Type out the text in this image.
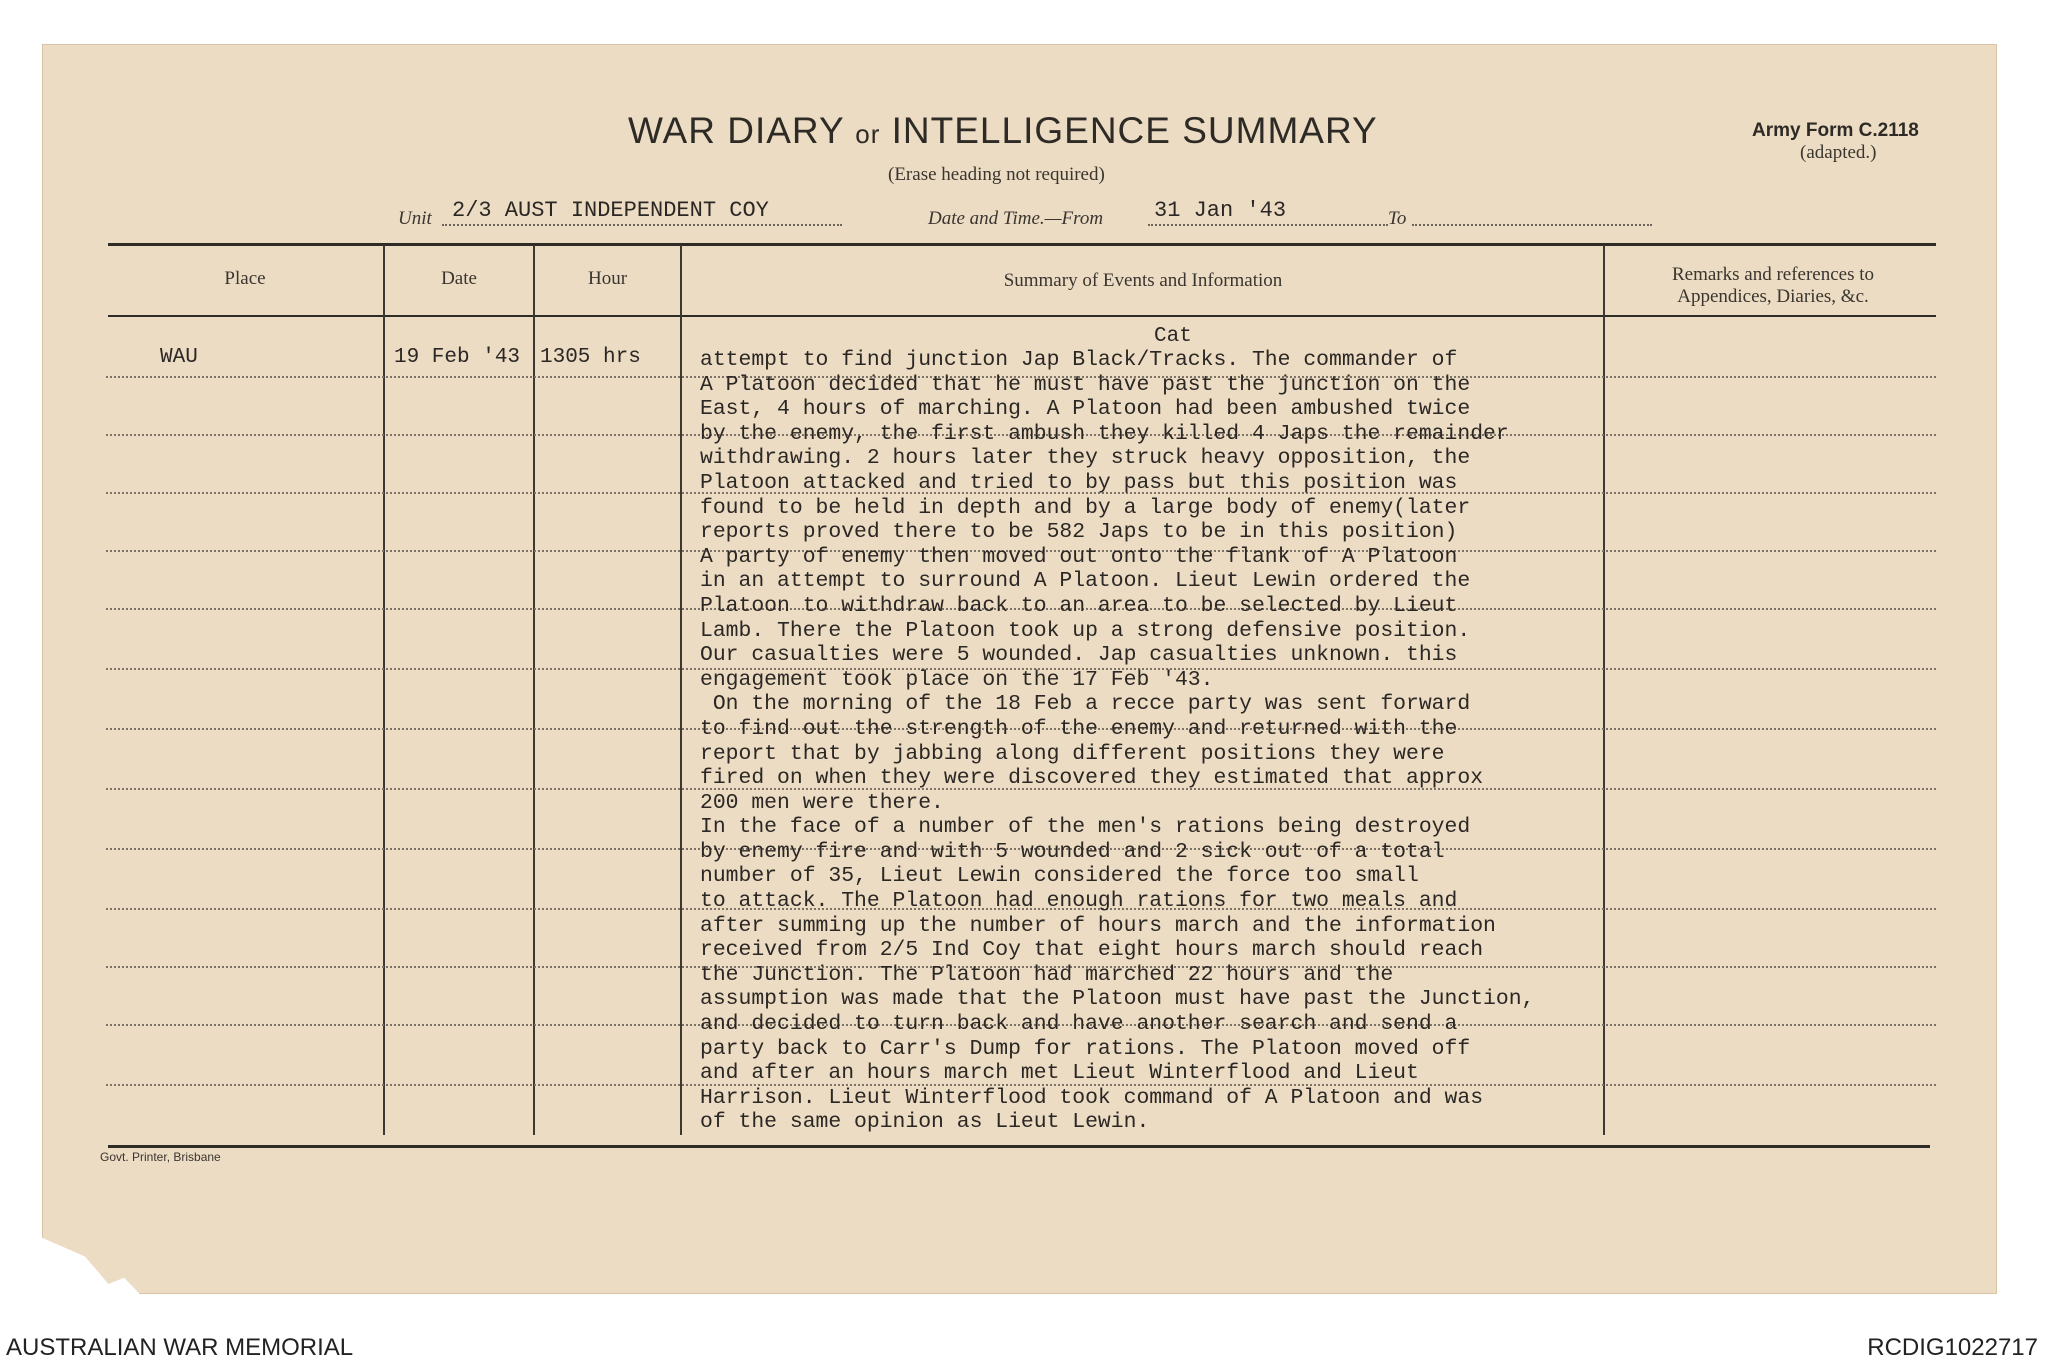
WAR DIARY or INTELLIGENCE SUMMARY
(Erase heading not required)
Army Form C.2118
(adapted.)
Unit 2/3 AUST INDEPENDENT COY	Date and Time.—From 31 Jan '43	To
Place	Date	Hour	Summary of Events and Information	Remarks and references to Appendices, Diaries, &c.
WAU	19 Feb '43 1305 hrs
Cat
attempt to find junction Jap Black/Tracks. The commander of
A Platoon decided that he must have past the junction on the
East, 4 hours of marching. A Platoon had been ambushed twice
by the enemy, the first ambush they killed 4 Japs the remainder
withdrawing. 2 hours later they struck heavy opposition, the
Platoon attacked and tried to by pass but this position was
found to be held in depth and by a large body of enemy(later
reports proved there to be 582 Japs to be in this position)
A party of enemy then moved out onto the flank of A Platoon
in an attempt to surround A Platoon. Lieut Lewin ordered the
Platoon to withdraw back to an area to be selected by Lieut
Lamb. There the Platoon took up a strong defensive position.
Our casualties were 5 wounded. Jap casualties unknown. this
engagement took place on the 17 Feb '43.
On the morning of the 18 Feb a recce party was sent forward
to find out the strength of the enemy and returned with the
report that by jabbing along different positions they were
fired on when they were discovered they estimated that approx
200 men were there.
In the face of a number of the men's rations being destroyed
by enemy fire and with 5 wounded and 2 sick out of a total
number of 35, Lieut Lewin considered the force too small
to attack. The Platoon had enough rations for two meals and
after summing up the number of hours march and the information
received from 2/5 Ind Coy that eight hours march should reach
the Junction. The Platoon had marched 22 hours and the
assumption was made that the Platoon must have past the Junction,
and decided to turn back and have another search and send a
party back to Carr's Dump for rations. The Platoon moved off
and after an hours march met Lieut Winterflood and Lieut
Harrison. Lieut Winterflood took command of A Platoon and was
of the same opinion as Lieut Lewin.
Govt. Printer, Brisbane
AUSTRALIAN WAR MEMORIAL	RCDIG1022717
